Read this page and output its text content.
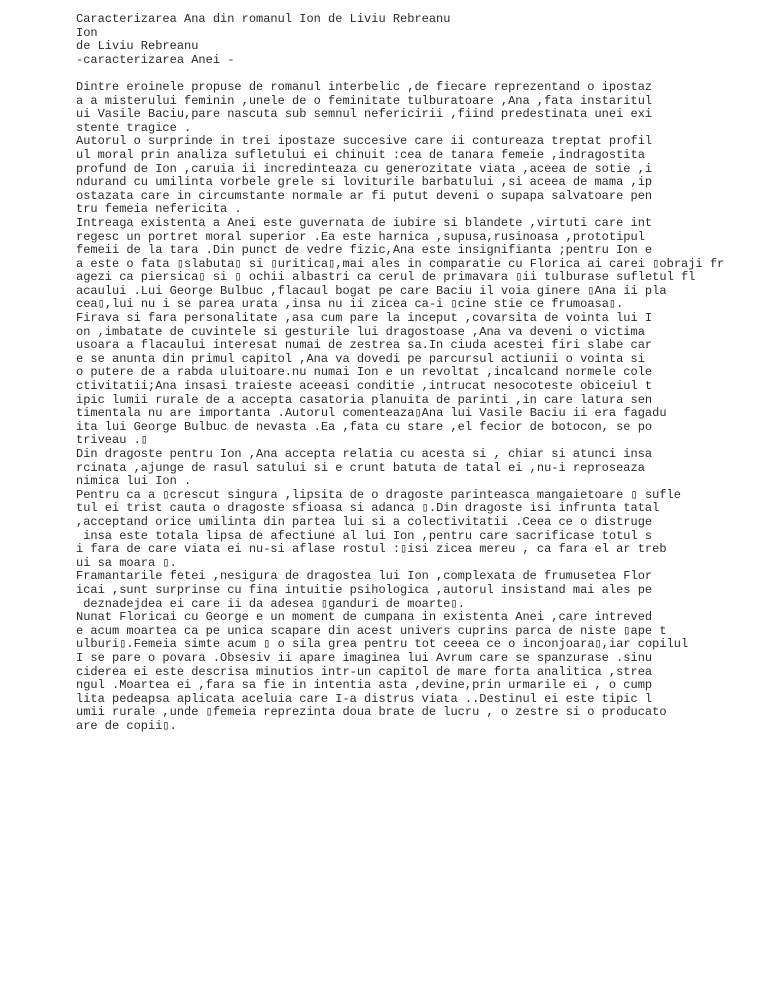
Caracterizarea Ana din romanul Ion de Liviu Rebreanu
Ion
de Liviu Rebreanu
-caracterizarea Anei -
Dintre eroinele propuse de romanul interbelic ,de fiecare reprezentand o ipostaz
a a misterului feminin ,unele de o feminitate tulburatoare ,Ana ,fata instaritul
ui Vasile Baciu,pare nascuta sub semnul nefericirii ,fiind predestinata unei exi
stente tragice .
Autorul o surprinde in trei ipostaze succesive care ii contureaza treptat profil
ul moral prin analiza sufletului ei chinuit :cea de tanara femeie ,indragostita
profund de Ion ,caruia ii incredinteaza cu generozitate viata ,aceea de sotie ,i
ndurand cu umilinta vorbele grele si loviturile barbatului ,si aceea de mama ,ip
ostazata care in circumstante normale ar fi putut deveni o supapa salvatoare pen
tru femeia nefericita .
Intreaga existenta a Anei este guvernata de iubire si blandete ,virtuti care int
regesc un portret moral superior .Ea este harnica ,supusa,rusinoasa ,prototipul
femeii de la tara .Din punct de vedre fizic,Ana este insignifianta ;pentru Ion e
a este o fata ▯slabuta▯ si ▯uritica▯,mai ales in comparatie cu Florica ai carei ▯obraji fr
agezi ca piersica▯ si ▯ ochii albastri ca cerul de primavara ▯ii tulburase sufletul fl
acaului .Lui George Bulbuc ,flacaul bogat pe care Baciu il voia ginere ▯Ana ii pla
cea▯,lui nu i se parea urata ,insa nu ii zicea ca-i ▯cine stie ce frumoasa▯.
Firava si fara personalitate ,asa cum pare la inceput ,covarsita de vointa lui I
on ,imbatate de cuvintele si gesturile lui dragostoase ,Ana va deveni o victima
usoara a flacaului interesat numai de zestrea sa.In ciuda acestei firi slabe car
e se anunta din primul capitol ,Ana va dovedi pe parcursul actiunii o vointa si
o putere de a rabda uluitoare.nu numai Ion e un revoltat ,incalcand normele cole
ctivitatii;Ana insasi traieste aceeasi conditie ,intrucat nesocoteste obiceiul t
ipic lumii rurale de a accepta casatoria planuita de parinti ,in care latura sen
timentala nu are importanta .Autorul comenteaza▯Ana lui Vasile Baciu ii era fagadu
ita lui George Bulbuc de nevasta .Ea ,fata cu stare ,el fecior de botocon, se po
triveau .▯
Din dragoste pentru Ion ,Ana accepta relatia cu acesta si , chiar si atunci insa
rcinata ,ajunge de rasul satului si e crunt batuta de tatal ei ,nu-i reproseaza
nimica lui Ion .
Pentru ca a ▯crescut singura ,lipsita de o dragoste parinteasca mangaietoare ▯ sufle
tul ei trist cauta o dragoste sfioasa si adanca ▯.Din dragoste isi infrunta tatal
,acceptand orice umilinta din partea lui si a colectivitatii .Ceea ce o distruge
insa este totala lipsa de afectiune al lui Ion ,pentru care sacrificase totul s
i fara de care viata ei nu-si aflase rostul :▯isi zicea mereu , ca fara el ar treb
ui sa moara ▯.
Framantarile fetei ,nesigura de dragostea lui Ion ,complexata de frumusetea Flor
icai ,sunt surprinse cu fina intuitie psihologica ,autorul insistand mai ales pe
deznadejdea ei care ii da adesea ▯ganduri de moarte▯.
Nunat Floricai cu George e un moment de cumpana in existenta Anei ,care intreved
e acum moartea ca pe unica scapare din acest univers cuprins parca de niste ▯ape t
ulburi▯.Femeia simte acum ▯ o sila grea pentru tot ceeea ce o inconjoara▯,iar copilul
I se pare o povara .Obsesiv ii apare imaginea lui Avrum care se spanzurase .sinu
ciderea ei este descrisa minutios intr-un capitol de mare forta analitica ,strea
ngul .Moartea ei ,fara sa fie in intentia asta ,devine,prin urmarile ei , o cump
lita pedeapsa aplicata aceluia care I-a distrus viata ..Destinul ei este tipic l
umii rurale ,unde ▯femeia reprezinta doua brate de lucru , o zestre si o producato
are de copii▯.
